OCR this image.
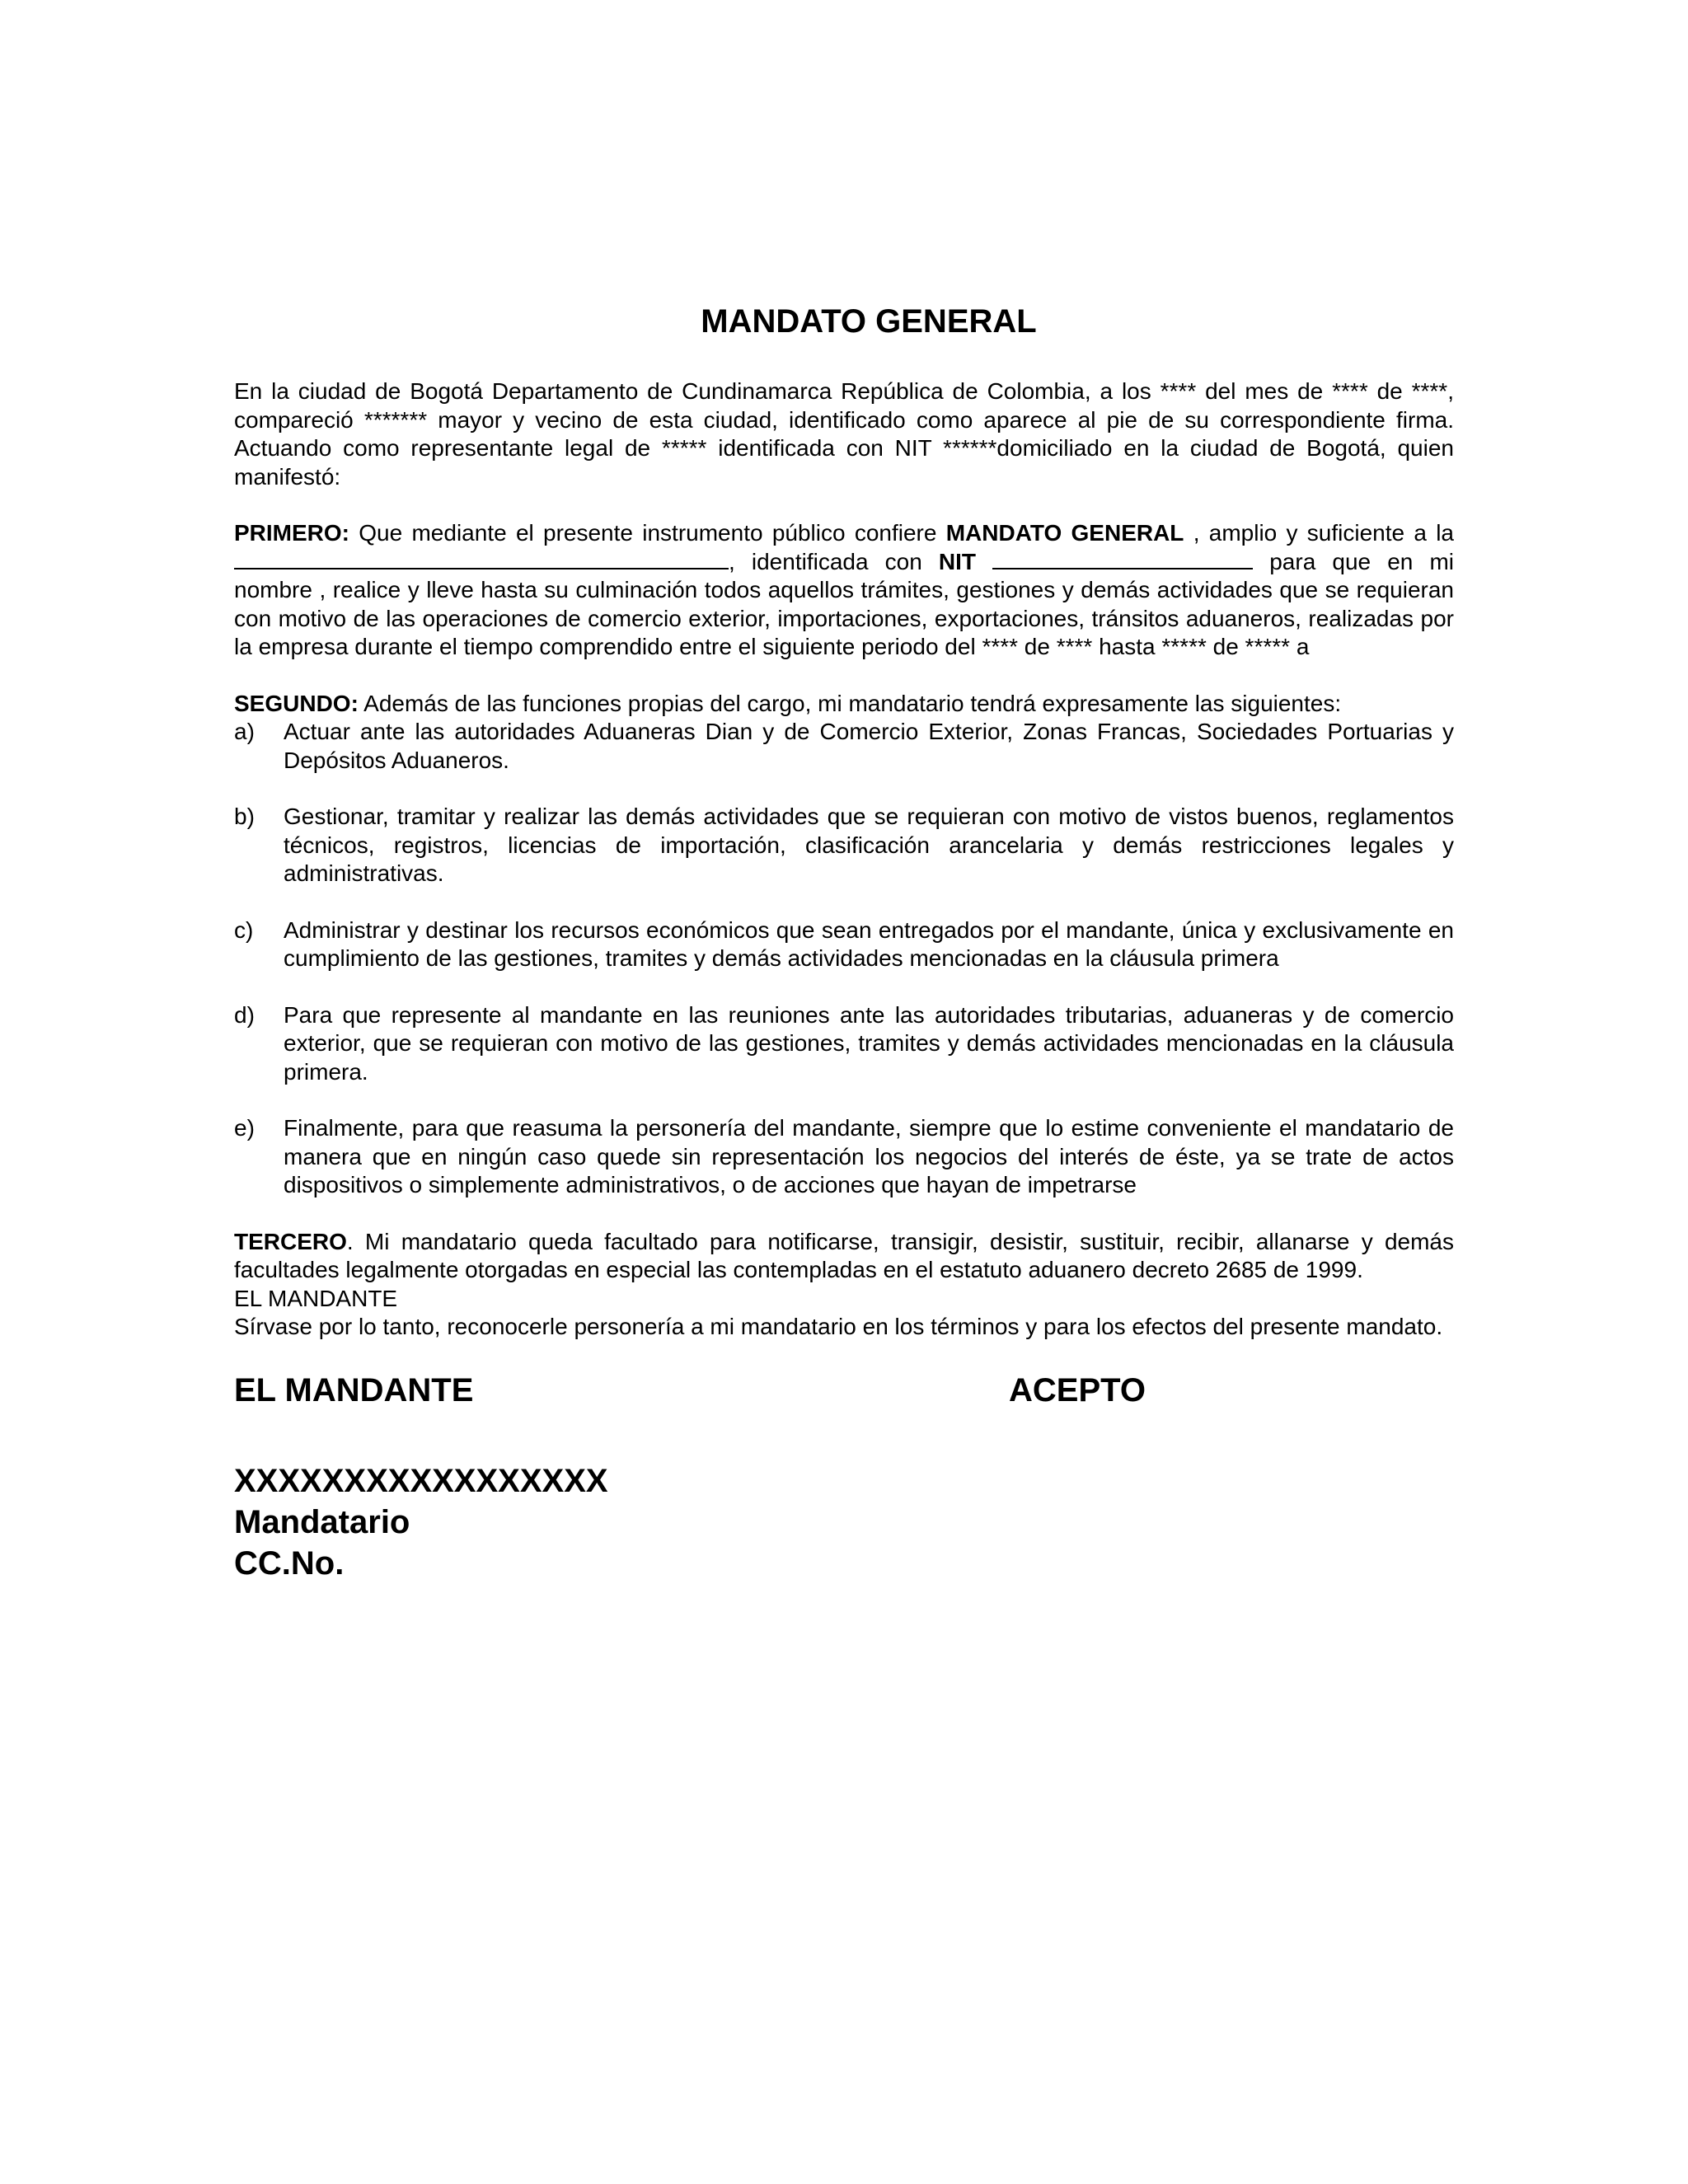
MANDATO GENERAL

En la ciudad de Bogotá Departamento de Cundinamarca República de Colombia, a los **** del mes de **** de ****, compareció ******* mayor y vecino de esta ciudad, identificado como aparece al pie de su correspondiente firma. Actuando como representante legal de ***** identificada con NIT ******domiciliado en la ciudad de Bogotá, quien manifestó:

PRIMERO: Que mediante el presente instrumento público confiere MANDATO GENERAL , amplio y suficiente a la, identificada con NIT	para que en mi nombre , realice y lleve hasta su culminación todos aquellos trámites, gestiones y demás actividades que se requieran con motivo de las operaciones de comercio exterior, importaciones, exportaciones, tránsitos aduaneros, realizadas por la empresa durante el tiempo comprendido entre el siguiente periodo del **** de **** hasta ***** de ***** a

SEGUNDO: Además de las funciones propias del cargo, mi mandatario tendrá expresamente las siguientes:

a) Actuar ante las autoridades Aduaneras Dian y de Comercio Exterior, Zonas Francas, Sociedades Portuarias y Depósitos Aduaneros.
b) Gestionar, tramitar y realizar las demás actividades que se requieran con motivo de vistos buenos, reglamentos técnicos, registros, licencias de importación, clasificación arancelaria y demás restricciones legales y administrativas.
c) Administrar y destinar los recursos económicos que sean entregados por el mandante, única y exclusivamente en cumplimiento de las gestiones, tramites y demás actividades mencionadas en la cláusula primera
d) Para que represente al mandante en las reuniones ante las autoridades tributarias, aduaneras y de comercio exterior, que se requieran con motivo de las gestiones, tramites y demás actividades mencionadas en la cláusula primera.
e) Finalmente, para que reasuma la personería del mandante, siempre que lo estime conveniente el mandatario de manera que en ningún caso quede sin representación los negocios del interés de éste, ya se trate de actos dispositivos o simplemente administrativos, o de acciones que hayan de impetrarse

TERCERO. Mi mandatario queda facultado para notificarse, transigir, desistir, sustituir, recibir, allanarse y demás facultades legalmente otorgadas en especial las contempladas en el estatuto aduanero decreto 2685 de 1999.

EL MANDANTE

Sírvase por lo tanto, reconocerle personería a mi mandatario en los términos y para los efectos del presente mandato.

EL MANDANTE	ACEPTO
XXXXXXXXXXXXXXXXX
Mandatario
CC.No.
